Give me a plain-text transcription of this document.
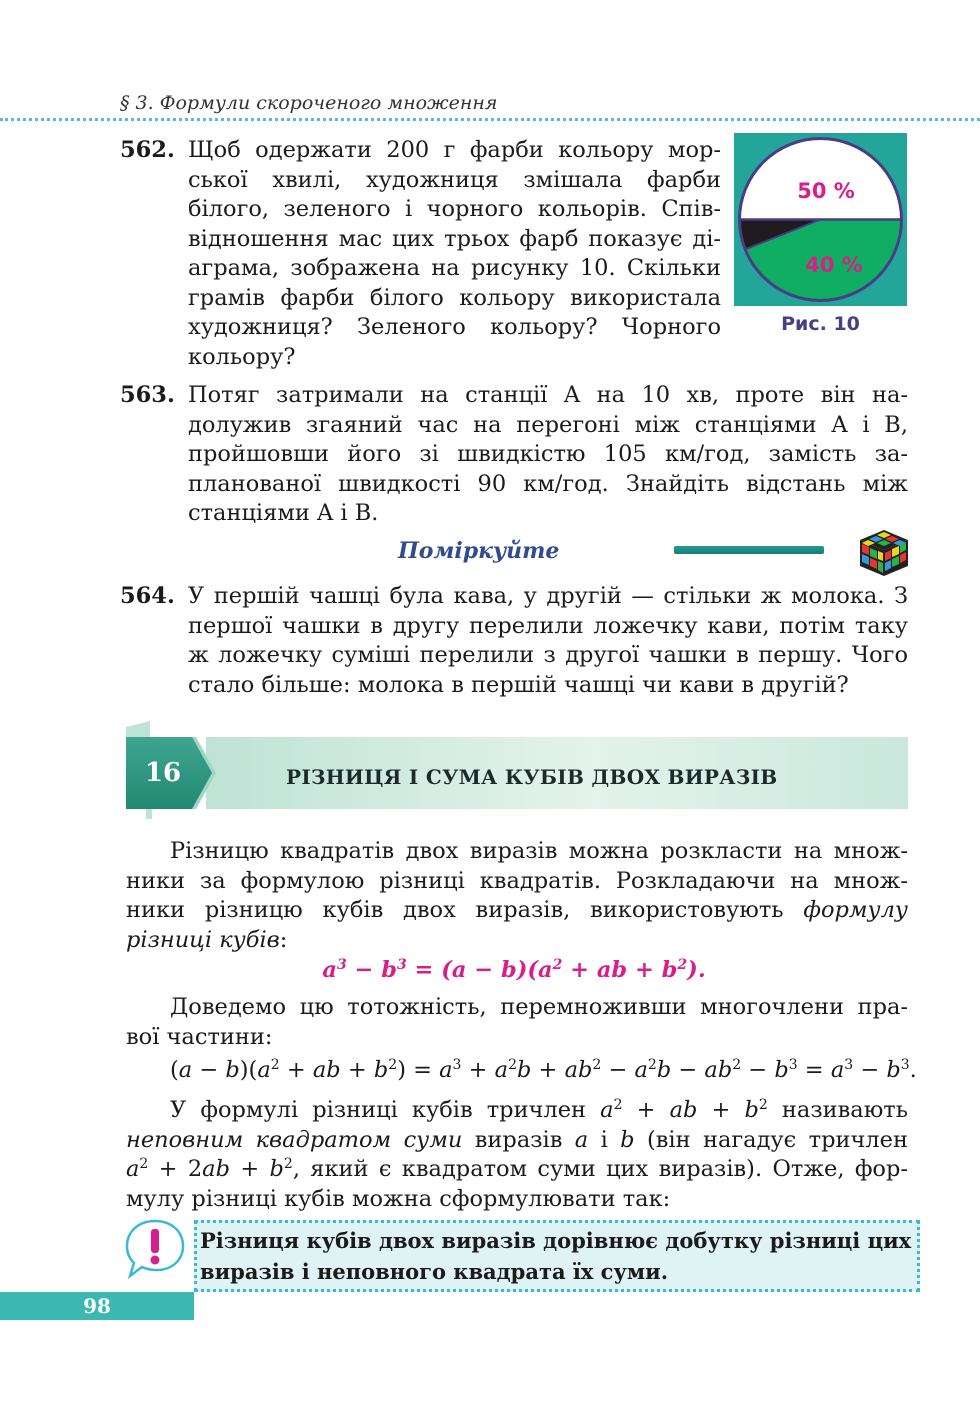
§ 3. Формули скороченого множення
562. Щоб одержати 200 г фарби кольору мор-
ської хвилі, художниця змішала фарби
білого, зеленого і чорного кольорів. Спів-
відношення мас цих трьох фарб показує ді-
аграма, зображена на рисунку 10. Скільки
грамів фарби білого кольору використала
художниця? Зеленого кольору? Чорного
кольору?
50 %
40 %
Рис. 10
563. Потяг затримали на станції A на 10 хв, проте він на-
долужив згаяний час на перегоні між станціями A і B,
пройшовши його зі швидкістю 105 км/год, замість за-
планованої швидкості 90 км/год. Знайдіть відстань між
станціями A і B.
Поміркуйте
564. У першій чашці була кава, у другій — стільки ж молока. З
першої чашки в другу перелили ложечку кави, потім таку
ж ложечку суміші перелили з другої чашки в першу. Чого
стало більше: молока в першій чашці чи кави в другій?
16	РІЗНИЦЯ І СУМА КУБІВ ДВОХ ВИРАЗІВ
Різницю квадратів двох виразів можна розкласти на множ-
ники за формулою різниці квадратів. Розкладаючи на множ-
ники різницю кубів двох виразів, використовують формулу
різниці кубів:
$a^3 - b^3 = (a - b)(a^2$ + ab + $b^2$).
Доведемо цю тотожність, перемноживши многочлени пра-
вої частини:
$(a - b)(a^2$ + ab + $b^2) = a^3 + a^2b + ab^2 - a^2b - ab^2 - b^3 = a^3 - b^3$.
У формулі різниці кубів тричлен $a^2$ + ab + $b^2$ називають
неповним квадратом суми виразів a і b (він нагадує тричлен
$a^2 + 2ab + b^2$, який є квадратом суми цих виразів). Отже, фор-
мулу різниці кубів можна сформулювати так:
Різниця кубів двох виразів дорівнює добутку різниці цих
виразів і неповного квадрата їх суми.
98
